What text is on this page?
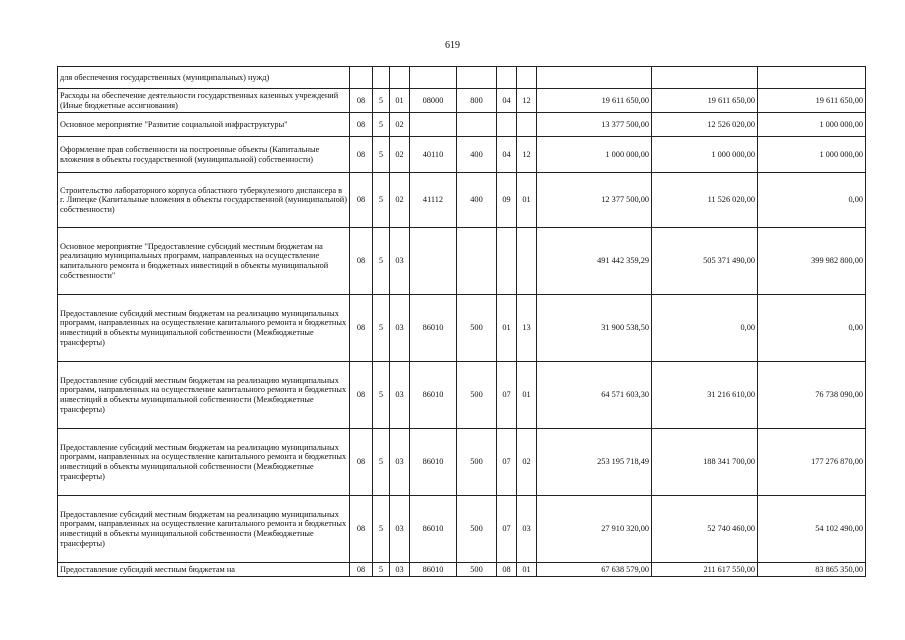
619
для обеспечения государственных (муниципальных) нужд)										
Расходы на обеспечение деятельности государственных казенных учреждений (Иные бюджетные ассигнования)	08	5	01	08000	800	04	12	19 611 650,00	19 611 650,00	19 611 650,00
Основное мероприятие "Развитие социальной инфраструктуры"	08	5	02					13 377 500,00	12 526 020,00	1 000 000,00
Оформление прав собственности на построенные объекты (Капитальные вложения в объекты государственной (муниципальной) собственности)	08	5	02	40110	400	04	12	1 000 000,00	1 000 000,00	1 000 000,00
Строительство лабораторного корпуса областного туберкулезного диспансера в г. Липецке (Капитальные вложения в объекты государственной (муниципальной) собственности)	08	5	02	41112	400	09	01	12 377 500,00	11 526 020,00	0,00
Основное мероприятие "Предоставление субсидий местным бюджетам на реализацию муниципальных программ, направленных на осуществление капитального ремонта и бюджетных инвестиций в объекты муниципальной собственности"	08	5	03					491 442 359,29	505 371 490,00	399 982 800,00
Предоставление субсидий местным бюджетам на реализацию муниципальных программ, направленных на осуществление капитального ремонта и бюджетных инвестиций в объекты муниципальной собственности (Межбюджетные трансферты)	08	5	03	86010	500	01	13	31 900 538,50	0,00	0,00
Предоставление субсидий местным бюджетам на реализацию муниципальных программ, направленных на осуществление капитального ремонта и бюджетных инвестиций в объекты муниципальной собственности (Межбюджетные трансферты)	08	5	03	86010	500	07	01	64 571 603,30	31 216 610,00	76 738 090,00
Предоставление субсидий местным бюджетам на реализацию муниципальных программ, направленных на осуществление капитального ремонта и бюджетных инвестиций в объекты муниципальной собственности (Межбюджетные трансферты)	08	5	03	86010	500	07	02	253 195 718,49	188 341 700,00	177 276 870,00
Предоставление субсидий местным бюджетам на реализацию муниципальных программ, направленных на осуществление капитального ремонта и бюджетных инвестиций в объекты муниципальной собственности (Межбюджетные трансферты)	08	5	03	86010	500	07	03	27 910 320,00	52 740 460,00	54 102 490,00
Предоставление субсидий местным бюджетам на	08	5	03	86010	500	08	01	67 638 579,00	211 617 550,00	83 865 350,00
